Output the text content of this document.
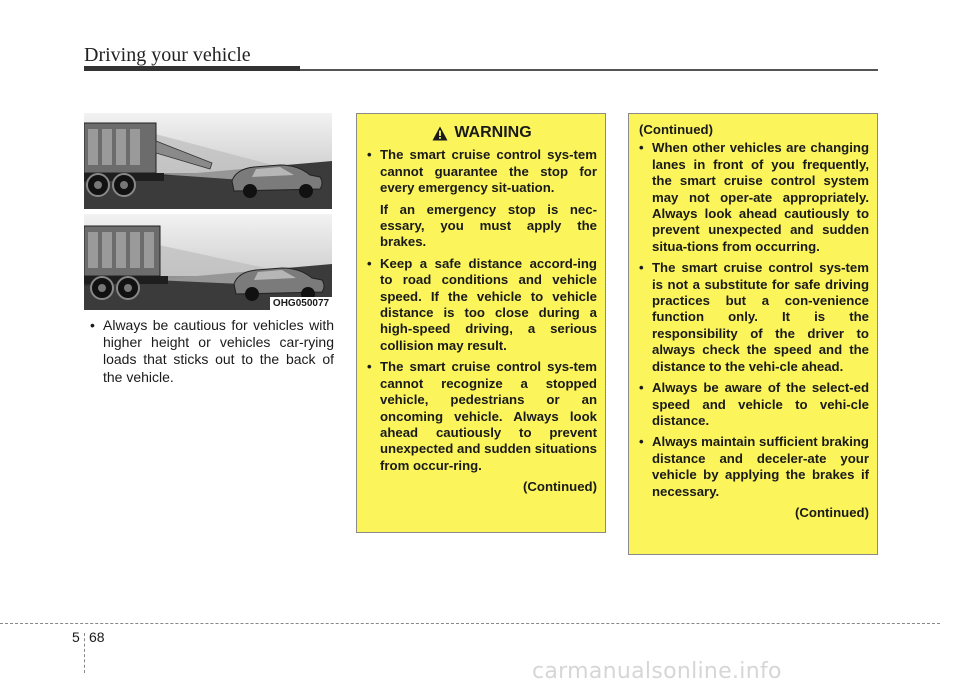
Driving your vehicle
OHG050077
• Always be cautious for vehicles with higher height or vehicles car-rying loads that sticks out to the back of the vehicle.
WARNING
• The smart cruise control sys-tem cannot guarantee the stop for every emergency sit-uation.
If an emergency stop is nec-essary, you must apply the brakes.
• Keep a safe distance accord-ing to road conditions and vehicle speed. If the vehicle to vehicle distance is too close during a high-speed driving, a serious collision may result.
• The smart cruise control sys-tem cannot recognize a stopped vehicle, pedestrians or an oncoming vehicle. Always look ahead cautiously to prevent unexpected and sudden situations from occur-ring.
(Continued)
(Continued)
• When other vehicles are changing lanes in front of you frequently, the smart cruise control system may not oper-ate appropriately. Always look ahead cautiously to prevent unexpected and sudden situa-tions from occurring.
• The smart cruise control sys-tem is not a substitute for safe driving practices but a con-venience function only. It is the responsibility of the driver to always check the speed and the distance to the vehi-cle ahead.
• Always be aware of the select-ed speed and vehicle to vehi-cle distance.
• Always maintain sufficient braking distance and deceler-ate your vehicle by applying the brakes if necessary.
(Continued)
5 68
carmanualsonline.info
